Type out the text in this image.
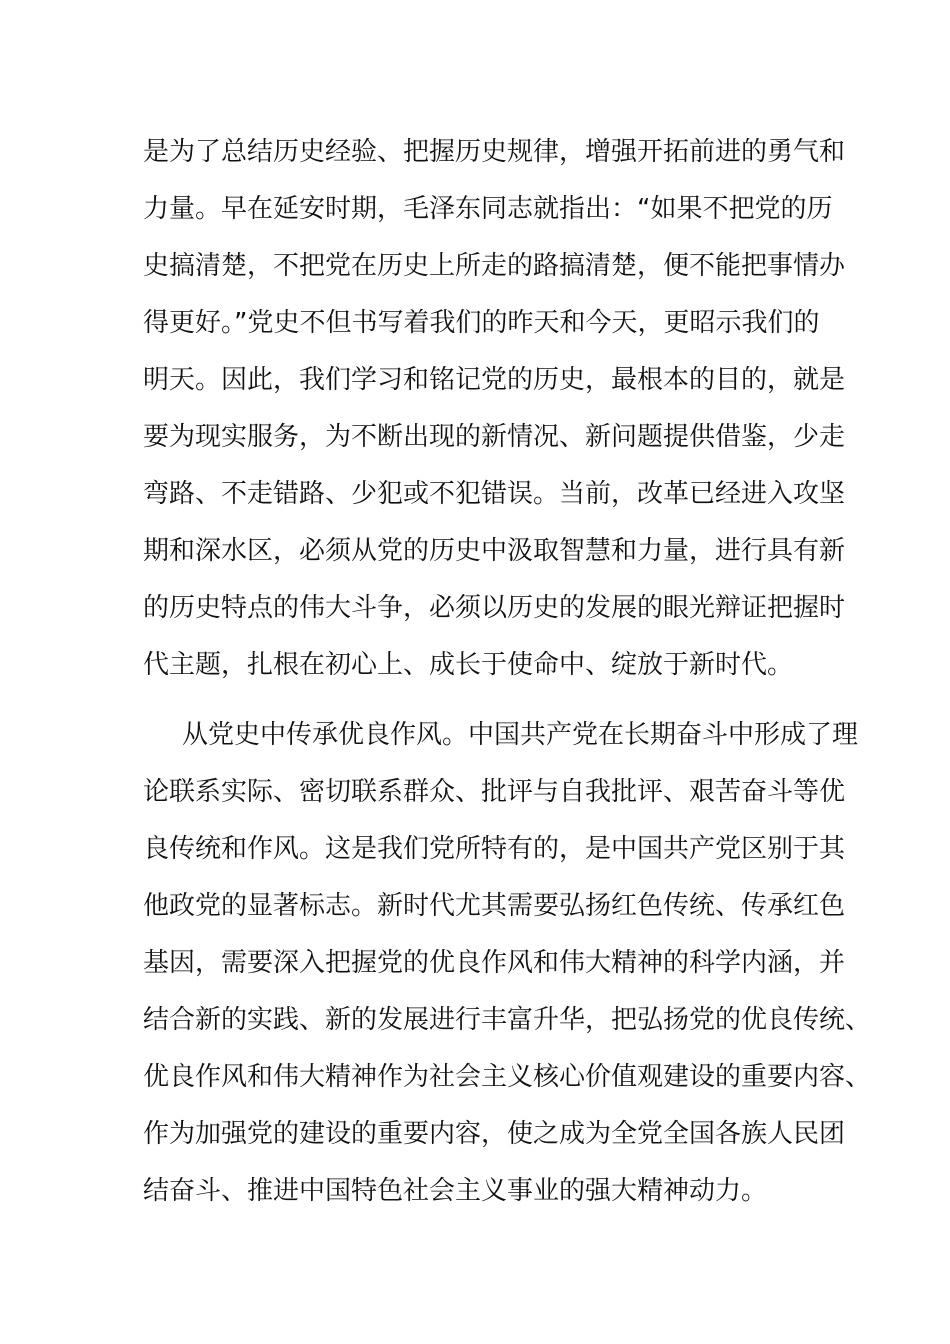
是为了总结历史经验、把握历史规律，增强开拓前进的勇气和
力量。早在延安时期，毛泽东同志就指出：“如果不把党的历
史搞清楚，不把党在历史上所走的路搞清楚，便不能把事情办
得更好。”党史不但书写着我们的昨天和今天，更昭示我们的
明天。因此，我们学习和铭记党的历史，最根本的目的，就是
要为现实服务，为不断出现的新情况、新问题提供借鉴，少走
弯路、不走错路、少犯或不犯错误。当前，改革已经进入攻坚
期和深水区，必须从党的历史中汲取智慧和力量，进行具有新
的历史特点的伟大斗争，必须以历史的发展的眼光辩证把握时
代主题，扎根在初心上、成长于使命中、绽放于新时代。
从党史中传承优良作风。中国共产党在长期奋斗中形成了理
论联系实际、密切联系群众、批评与自我批评、艰苦奋斗等优
良传统和作风。这是我们党所特有的，是中国共产党区别于其
他政党的显著标志。新时代尤其需要弘扬红色传统、传承红色
基因，需要深入把握党的优良作风和伟大精神的科学内涵，并
结合新的实践、新的发展进行丰富升华，把弘扬党的优良传统、
优良作风和伟大精神作为社会主义核心价值观建设的重要内容、
作为加强党的建设的重要内容，使之成为全党全国各族人民团
结奋斗、推进中国特色社会主义事业的强大精神动力。
